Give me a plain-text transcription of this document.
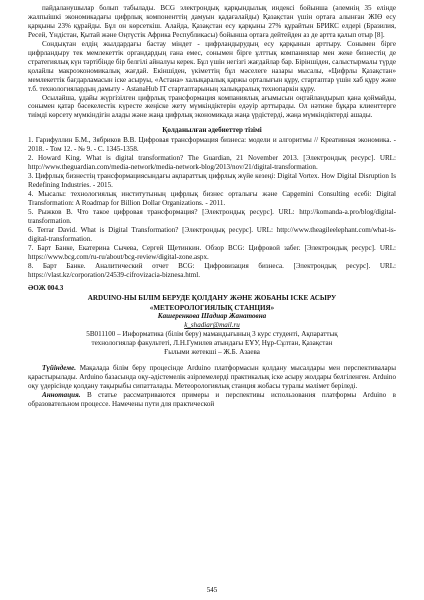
пайдаланушылар болып табылады. BCG электрондық қарқындылық индексі бойынша (әлемнің 35 елінде жалпыішкі экономикадағы цифрлық компоненттің дамуын қадағалайды) Қазақстан үшін ортаға алынған ЖІӨ есу қарқыны 23% құрайды. Бұл он көрсеткіш. Алайда, Қазақстан есу қарқыны 27% құрайтын БРИКС елдері (Бразилия, Ресей, Үндістан, Қытай және Оңтүстік Африка Республикасы) бойынша ортаға дейтейден аз де артта қалып отыр [8].

Сондықтан елдің жылдардағы бастау міндет - цифрландырудың есу қарқынын арттыру. Сонымен бірге цифрландыру тек мемлекеттік органдардың ғана емес, сонымен бірге ұлттық компаниялар мен жеке бизнестің де стратегиялық күн тәртібінде бір белгілі айналуы керек. Бұл үшін негізгі жағдайлар бар. Біріншіден, салыстырмалы түрде қолайлы макроэкономикалық жағдай. Екіншіден, үкіметтің бұл мәселеге назары мысалы, «Цифрлы Қазақстан» мемлекеттік бағдарламасын іске асыруы, «Астана» халықаралық қаржы орталығын құру, стартаптар үшін хаб құру және т.б. технологиялардың дамыту - AstanaHub IT стартаптарының халықаралық технопаркін құру.

Осылайша, ұдайы жүргізілген цифрлық трансформация компаниялық ағымысын оңтайландырып қана қоймайды, сонымен қатар бәсекелестік күресте жеңіске жету мүмкіндіктерін едәуір арттырады. Ол нәтиже бұқара клиенттерге тиімді көрсету мүмкіндігін алады және жаңа цифрлық экономикада жаңа үрдістерді, жаңа мүмкіндіктерді ашады.

Қолданылған әдебиеттер тізімі

1. Гарифуллин Б.М., Зябриков В.В. Цифровая трансформация бизнеса: модели и алгоритмы // Креативная экономика. - 2018. - Том 12. - № 9. - С. 1345-1358.

2. Howard King. What is digital transformation? The Guardian, 21 November 2013. [Электрондық ресурс]. URL: http://www.theguardian.com/media-network/media-network-blog/2013/nov/21/digital-transformation.

3. Цифрлық бизнестің трансформациясындағы ақпараттық цифрлық жүйе кезеңі: Digital Vortex. How Digital Disruption Is Redefining Industries. - 2015.

4. Мысалы: технологиялық институтының цифрлық бизнес орталығы және Capgemini Consulting есебі: Digital Transformation: A Roadmap for Billion Dollar Organizations. - 2011.

5. Рыжков В. Что такое цифровая трансформация? [Электрондық ресурс]. URL: http://komanda-a.pro/blog/digital-transformation.

6. Terrar David. What is Digital Transformation? [Электрондық ресурс]. URL: http://www.theagileelephant.com/what-is-digital-transformation.

7. Барт Банке, Екатерина Сычева, Сергей Щетинкин. Обзор BCG: Цифровой забег. [Электрондық ресурс]. URL: https://www.bcg.com/ru-ru/about/bcg-review/digital-zone.aspx.

8. Барт Банке. Аналитический отчет BCG: Цифровизация бизнеса. [Электрондық ресурс]. URL: https://vlast.kz/corporation/24539-cifrovizacia-biznesa.html.

ӘОЖ 004.3

ARDUINO-НЫ БІЛІМ БЕРУДЕ ҚОЛДАНУ ЖӘНЕ ЖОБАНЫ ІСКЕ АСЫРУ

«МЕТЕОРОЛОГИЯЛЫҚ СТАНЦИЯ»

Кашеренкова Шадиар Жанатовна

k_shadiar@mail.ru

5В011100 – Информатика (білім беру) мамандығының 3 курс студенті, Ақпараттық

технологиялар факультеті, Л.Н.Гумилев атындағы ЕҰУ, Нұр-Сұлтан, Қазақстан

Ғылыми жетекші – Ж.Б. Азаева

Түйіндеме. Мақалада білім беру процесінде Arduino платформасын қолдану мысалдары мен перспективалары қарастырылады. Arduino базасында оқу-әдістемелік әзірлемелерді практикалық іске асыру жолдары белгіленген. Arduino оқу үдерісінде қолдану тақырыбы сипатталады. Метеорологиялық станция жобасы туралы мәлімет беріледі.

Аннотация. В статье рассматриваются примеры и перспективы использования платформы Arduino в образовательном процессе. Намечены пути для практической

545
